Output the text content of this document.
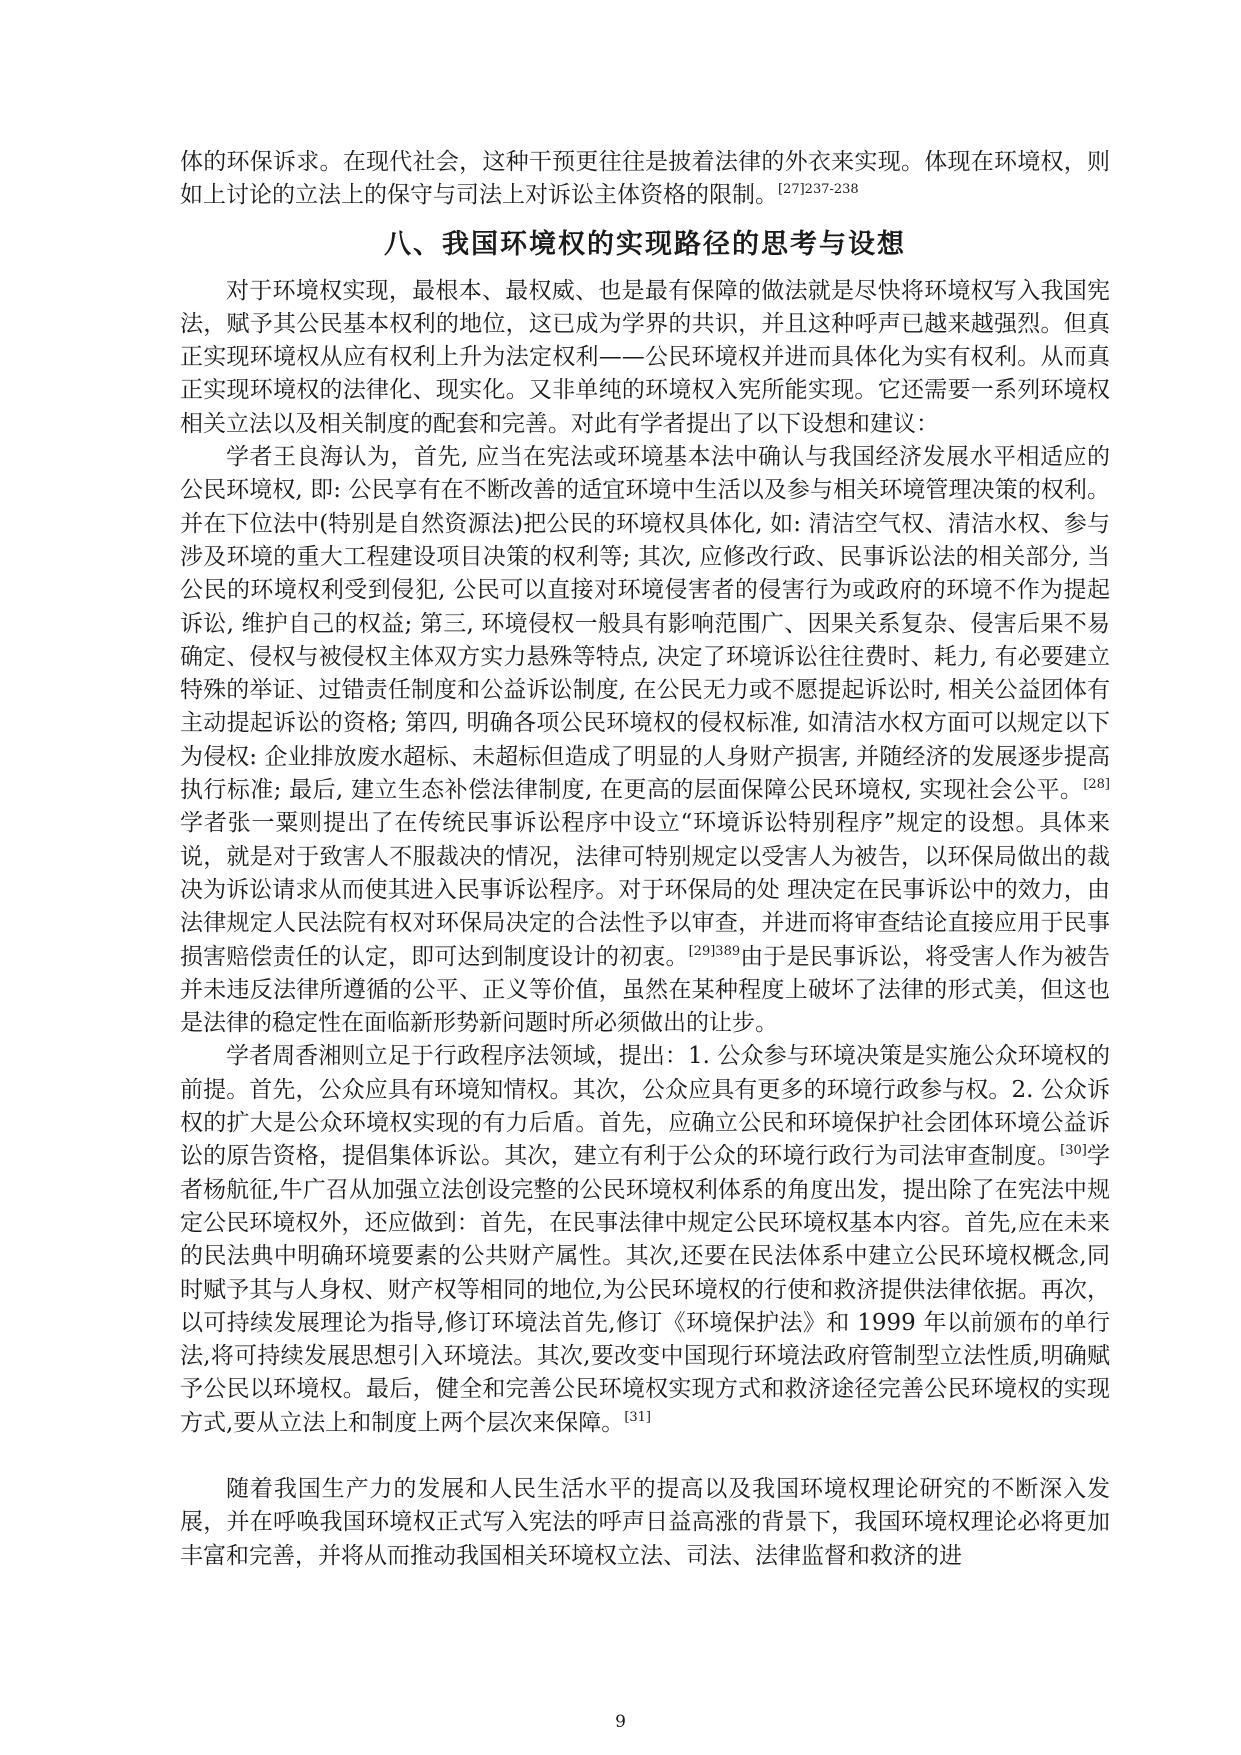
体的环保诉求。在现代社会，这种干预更往往是披着法律的外衣来实现。体现在环境权，则如上讨论的立法上的保守与司法上对诉讼主体资格的限制。$^{[27]237-238}$

八、我国环境权的实现路径的思考与设想

对于环境权实现，最根本、最权威、也是最有保障的做法就是尽快将环境权写入我国宪法，赋予其公民基本权利的地位，这已成为学界的共识，并且这种呼声已越来越强烈。但真正实现环境权从应有权利上升为法定权利——公民环境权并进而具体化为实有权利。从而真正实现环境权的法律化、现实化。又非单纯的环境权入宪所能实现。它还需要一系列环境权相关立法以及相关制度的配套和完善。对此有学者提出了以下设想和建议：

学者王良海认为，首先, 应当在宪法或环境基本法中确认与我国经济发展水平相适应的公民环境权, 即: 公民享有在不断改善的适宜环境中生活以及参与相关环境管理决策的权利。并在下位法中(特别是自然资源法)把公民的环境权具体化, 如: 清洁空气权、清洁水权、参与涉及环境的重大工程建设项目决策的权利等; 其次, 应修改行政、民事诉讼法的相关部分, 当公民的环境权利受到侵犯, 公民可以直接对环境侵害者的侵害行为或政府的环境不作为提起诉讼, 维护自己的权益; 第三, 环境侵权一般具有影响范围广、因果关系复杂、侵害后果不易确定、侵权与被侵权主体双方实力悬殊等特点, 决定了环境诉讼往往费时、耗力, 有必要建立特殊的举证、过错责任制度和公益诉讼制度, 在公民无力或不愿提起诉讼时, 相关公益团体有主动提起诉讼的资格; 第四, 明确各项公民环境权的侵权标准, 如清洁水权方面可以规定以下为侵权: 企业排放废水超标、未超标但造成了明显的人身财产损害, 并随经济的发展逐步提高执行标准; 最后, 建立生态补偿法律制度, 在更高的层面保障公民环境权, 实现社会公平。[28]学者张一粟则提出了在传统民事诉讼程序中设立“环境诉讼特别程序”规定的设想。具体来说，就是对于致害人不服裁决的情况，法律可特别规定以受害人为被告，以环保局做出的裁决为诉讼请求从而使其进入民事诉讼程序。对于环保局的处 理决定在民事诉讼中的效力，由法律规定人民法院有权对环保局决定的合法性予以审查，并进而将审查结论直接应用于民事损害赔偿责任的认定，即可达到制度设计的初衷。$^{[29]389}$由于是民事诉讼，将受害人作为被告并未违反法律所遵循的公平、正义等价值，虽然在某种程度上破坏了法律的形式美，但这也是法律的稳定性在面临新形势新问题时所必须做出的让步。

学者周香湘则立足于行政程序法领域，提出：1. 公众参与环境决策是实施公众环境权的前提。首先，公众应具有环境知情权。其次，公众应具有更多的环境行政参与权。2. 公众诉权的扩大是公众环境权实现的有力后盾。首先，应确立公民和环境保护社会团体环境公益诉讼的原告资格，提倡集体诉讼。其次，建立有利于公众的环境行政行为司法审查制度。[30]学者杨航征,牛广召从加强立法创设完整的公民环境权利体系的角度出发，提出除了在宪法中规定公民环境权外，还应做到：首先，在民事法律中规定公民环境权基本内容。首先,应在未来的民法典中明确环境要素的公共财产属性。其次,还要在民法体系中建立公民环境权概念,同时赋予其与人身权、财产权等相同的地位,为公民环境权的行使和救济提供法律依据。再次，以可持续发展理论为指导,修订环境法首先,修订《环境保护法》和 1999 年以前颁布的单行法,将可持续发展思想引入环境法。其次,要改变中国现行环境法政府管制型立法性质,明确赋予公民以环境权。最后，健全和完善公民环境权实现方式和救济途径完善公民环境权的实现方式,要从立法上和制度上两个层次来保障。[31]

随着我国生产力的发展和人民生活水平的提高以及我国环境权理论研究的不断深入发展，并在呼唤我国环境权正式写入宪法的呼声日益高涨的背景下，我国环境权理论必将更加丰富和完善，并将从而推动我国相关环境权立法、司法、法律监督和救济的进

9
